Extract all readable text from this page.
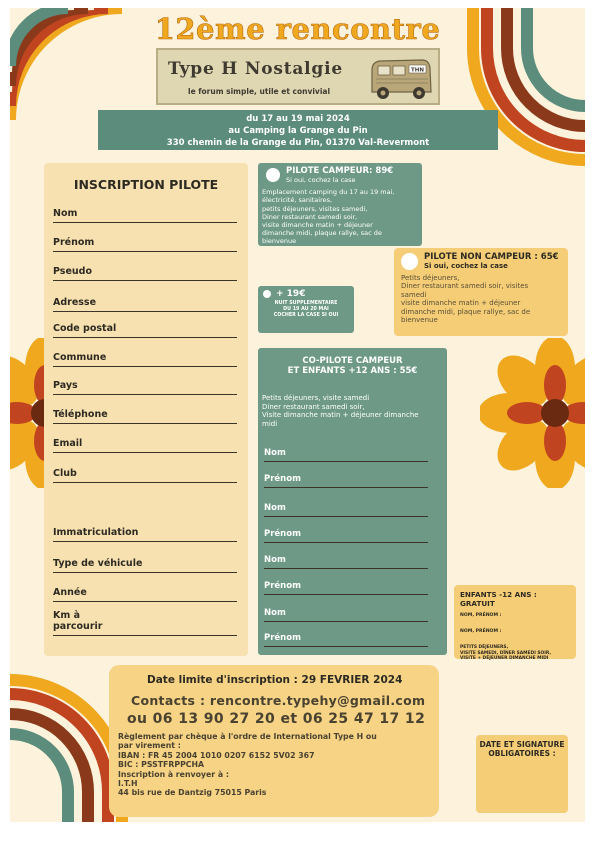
12ème rencontre
Type H Nostalgie
le forum simple, utile et convivial
THN
du 17 au 19 mai 2024
au Camping la Grange du Pin
330 chemin de la Grange du Pin, 01370 Val-Revermont
INSCRIPTION PILOTE
Nom
Prénom
Pseudo
Adresse
Code postal
Commune
Pays
Téléphone
Email
Club
Immatriculation
Type de véhicule
Année
Km à
parcourir
PILOTE CAMPEUR: 89€
Si oui, cochez la case
Emplacement camping du 17 au 19 mai,
électricité, sanitaires,
petits déjeuners, visites samedi,
Diner restaurant samedi soir,
visite dimanche matin + déjeuner
dimanche midi, plaque rallye, sac de
bienvenue
+ 19€
NUIT SUPPLEMENTAIRE
DU 19 AU 20 MAI
COCHER LA CASE SI OUI
PILOTE NON CAMPEUR : 65€
Si oui, cochez la case
Petits déjeuners,
Diner restaurant samedi soir, visites
samedi
visite dimanche matin + déjeuner
dimanche midi, plaque rallye, sac de
bienvenue
CO-PILOTE CAMPEUR
ET ENFANTS +12 ANS : 55€
Petits déjeuners, visite samedi
Diner restaurant samedi soir,
Visite dimanche matin + déjeuner dimanche
midi
Nom
Prénom
Nom
Prénom
Nom
Prénom
Nom
Prénom
ENFANTS -12 ANS : GRATUIT
NOM, PRÉNOM :
NOM, PRÉNOM :
PETITS DÉJEUNERS,
VISITE SAMEDI, DÎNER SAMEDI SOIR,
VISITE + DÉJEUNER DIMANCHE MIDI
Date limite d'inscription : 29 FEVRIER 2024
Contacts : rencontre.typehy@gmail.com
ou 06 13 90 27 20 et 06 25 47 17 12
Règlement par chèque à l'ordre de International Type H ou
par virement :
IBAN : FR 45 2004 1010 0207 6152 5V02 367
BIC : PSSTFRPPCHA
Inscription à renvoyer à :
I.T.H
44 bis rue de Dantzig 75015 Paris
DATE ET SIGNATURE
OBLIGATOIRES :
